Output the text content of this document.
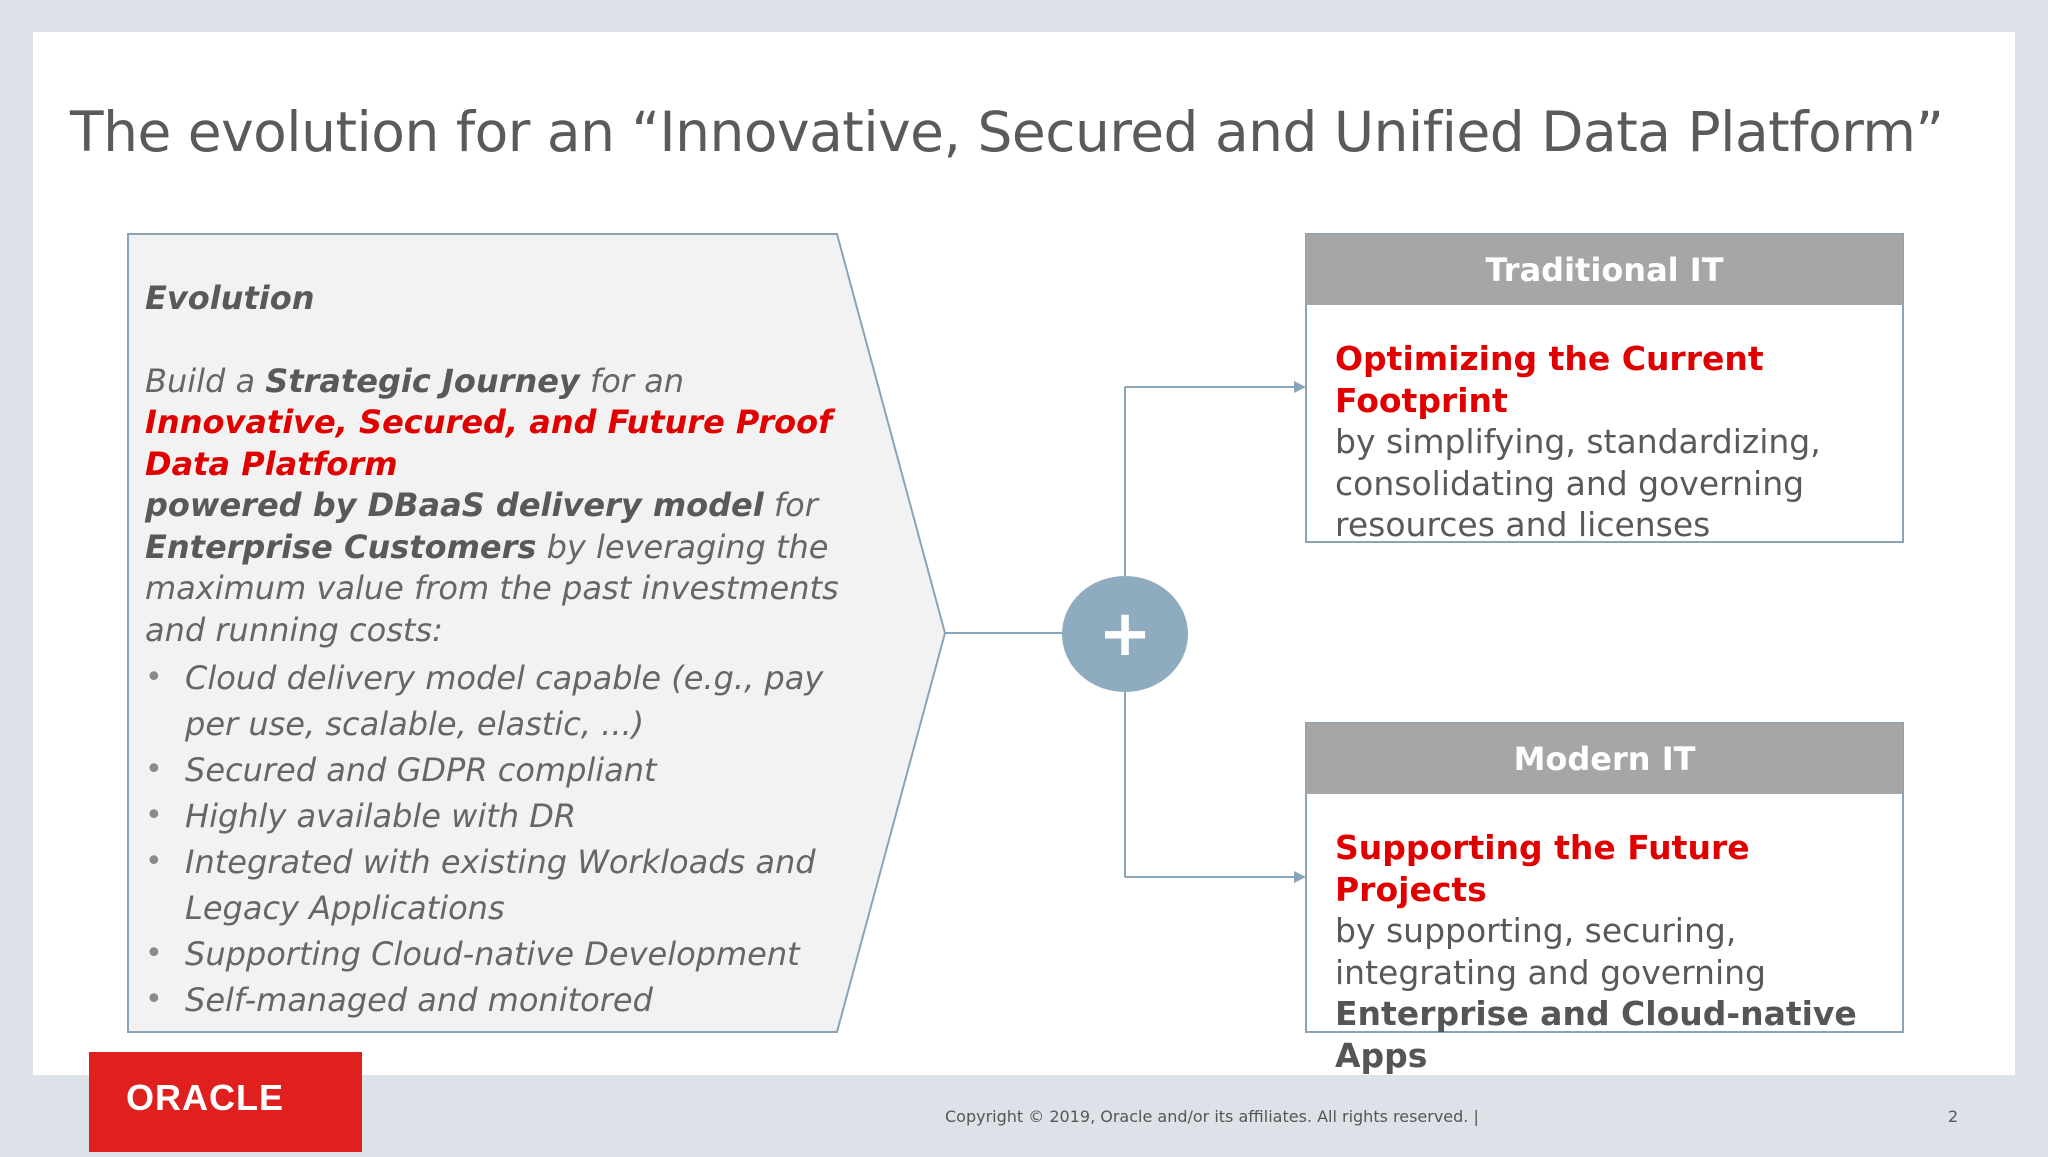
The evolution for an “Innovative, Secured and Unified Data Platform”
+
Evolution

Build a Strategic Journey for an Innovative, Secured, and Future Proof Data Platform
powered by DBaaS delivery model for Enterprise Customers by leveraging the maximum value from the past investments and running costs:

• Cloud delivery model capable (e.g., pay per use, scalable, elastic, ...)
• Secured and GDPR compliant
• Highly available with DR
• Integrated with existing Workloads and Legacy Applications
• Supporting Cloud-native Development
• Self-managed and monitored
Traditional IT
Optimizing the Current Footprint
by simplifying, standardizing, consolidating and governing resources and licenses
Modern IT
Supporting the Future Projects
by supporting, securing, integrating and governing
Enterprise and Cloud-native Apps
ORACLE	Copyright © 2019, Oracle and/or its affiliates. All rights reserved. |	2
